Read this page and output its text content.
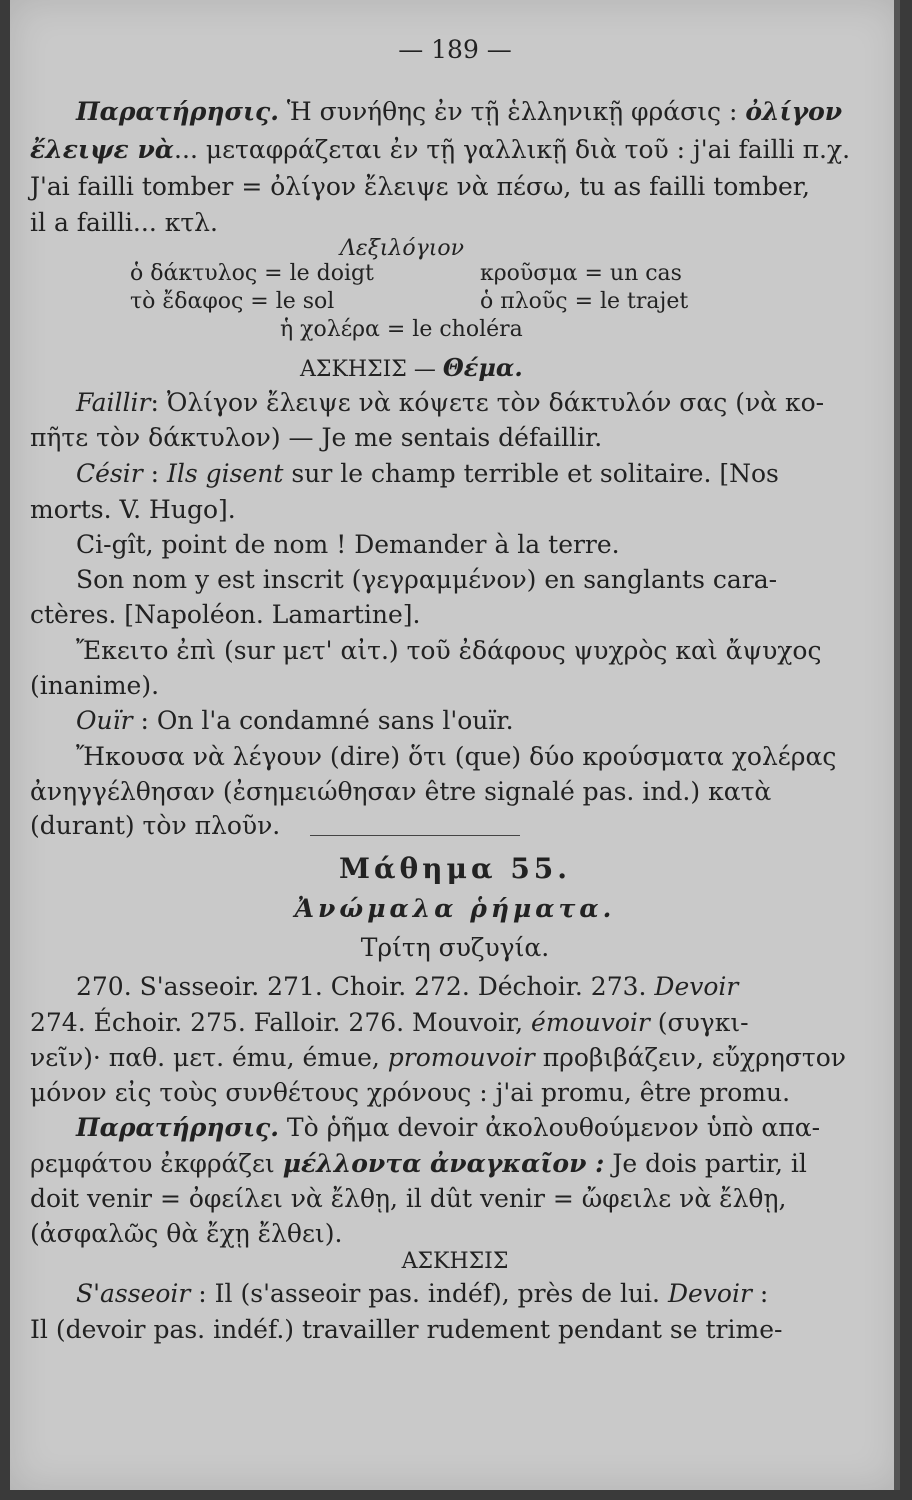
— 189 —
Παρατήρησις. Ἡ συνήθης ἐν τῇ ἑλληνικῇ φράσις : ὀλίγον
ἔλειψε νὰ... μεταφράζεται ἐν τῇ γαλλικῇ διὰ τοῦ : j'ai failli π.χ.
J'ai failli tomber = ὀλίγον ἔλειψε νὰ πέσω, tu as failli tomber,
il a failli... κτλ.
Λεξιλόγιον
ὁ δάκτυλος = le doigt	κροῦσμα = un cas
τὸ ἔδαφος = le sol	ὁ πλοῦς = le trajet
ἡ χολέρα = le choléra
ΑΣΚΗΣΙΣ — Θέμα.
Faillir: Ὀλίγον ἔλειψε νὰ κόψετε τὸν δάκτυλόν σας (νὰ κο-
πῆτε τὸν δάκτυλον) — Je me sentais défaillir.
Césir : Ils gisent sur le champ terrible et solitaire. [Nos
morts. V. Hugo].
Ci-gît, point de nom ! Demander à la terre.
Son nom y est inscrit (γεγραμμένον) en sanglants cara-
ctères. [Napoléon. Lamartine].
Ἔκειτο ἐπὶ (sur μετ' αἰτ.) τοῦ ἐδάφους ψυχρὸς καὶ ἄψυχος
(inanime).
Ouïr : On l'a condamné sans l'ouïr.
Ἤκουσα νὰ λέγουν (dire) ὅτι (que) δύο κρούσματα χολέρας
ἀνηγγέλθησαν (ἐσημειώθησαν être signalé pas. ind.) κατὰ
(durant) τὸν πλοῦν.
Μάθημα 55.
Ἀνώμαλα ῥήματα.
Τρίτη συζυγία.
270. S'asseoir. 271. Choir. 272. Déchoir. 273. Devoir
274. Échoir. 275. Falloir. 276. Mouvoir, émouvoir (συγκι-
νεῖν)· παθ. μετ. ému, émue, promouvoir προβιβάζειν, εὔχρηστον
μόνον εἰς τοὺς συνθέτους χρόνους : j'ai promu, être promu.
Παρατήρησις. Τὸ ῥῆμα devoir ἀκολουθούμενον ὑπὸ απα-
ρεμφάτου ἐκφράζει μέλλοντα ἀναγκαῖον : Je dois partir, il
doit venir = ὀφείλει νὰ ἔλθῃ, il dût venir = ὤφειλε νὰ ἔλθῃ,
(ἀσφαλῶς θὰ ἔχῃ ἔλθει).
ΑΣΚΗΣΙΣ
S'asseoir : Il (s'asseoir pas. indéf), près de lui. Devoir :
Il (devoir pas. indéf.) travailler rudement pendant se trime-
